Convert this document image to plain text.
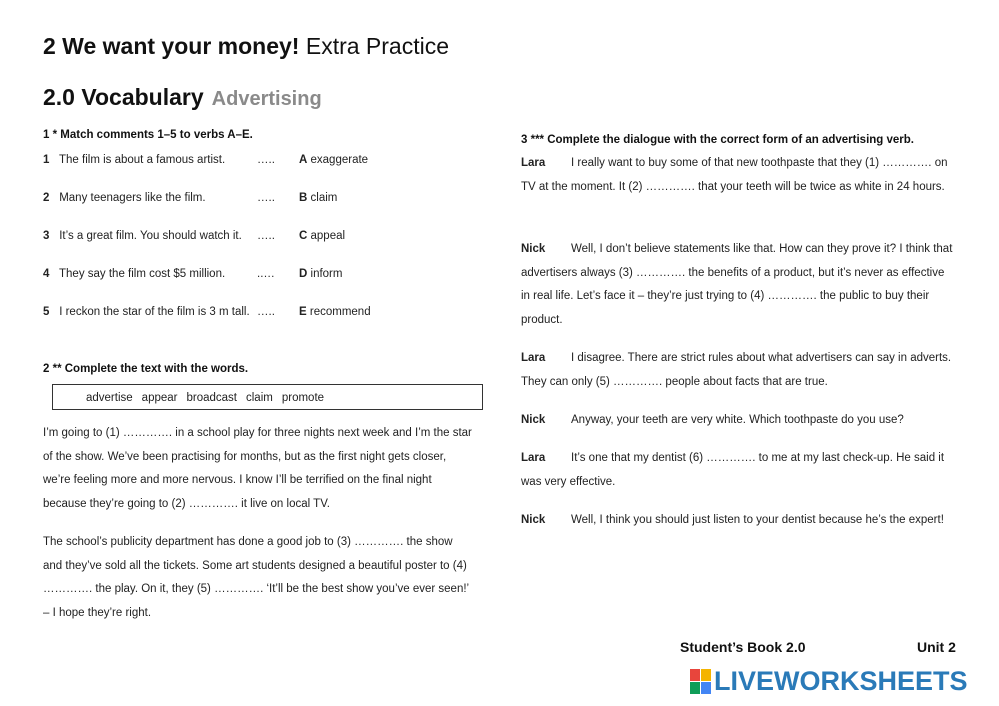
2 We want your money! Extra Practice
2.0 Vocabulary Advertising
1 * Match comments 1–5 to verbs A–E.
1 The film is about a famous artist.	….. A exaggerate
2 Many teenagers like the film.	….. B claim
3 It’s a great film. You should watch it. ….. C appeal
4 They say the film cost $5 million.	..… D inform
5 I reckon the star of the film is 3 m tall. ….. E recommend
2 ** Complete the text with the words.
advertise appear broadcast claim promote
I’m going to (1) …………. in a school play for three nights next week and I’m the star of the show. We’ve been practising for months, but as the first night gets closer, we’re feeling more and more nervous. I know I’ll be terrified on the final night because they’re going to (2) …………. it live on local TV.
The school’s publicity department has done a good job to (3) …………. the show and they’ve sold all the tickets. Some art students designed a beautiful poster to (4) …………. the play. On it, they (5) …………. ‘It’ll be the best show you’ve ever seen!’ – I hope they’re right.
3 *** Complete the dialogue with the correct form of an advertising verb.
Lara I really want to buy some of that new toothpaste that they (1) …………. on TV at the moment. It (2) …………. that your teeth will be twice as white in 24 hours.
Nick Well, I don’t believe statements like that. How can they prove it? I think that advertisers always (3) …………. the benefits of a product, but it’s never as effective in real life. Let’s face it – they’re just trying to (4) …………. the public to buy their product.
Lara I disagree. There are strict rules about what advertisers can say in adverts. They can only (5) …………. people about facts that are true.
Nick Anyway, your teeth are very white. Which toothpaste do you use?
Lara It’s one that my dentist (6) …………. to me at my last check-up. He said it was very effective.
Nick Well, I think you should just listen to your dentist because he’s the expert!
Student’s Book 2.0	Unit 2
LIVEWORKSHEETS
